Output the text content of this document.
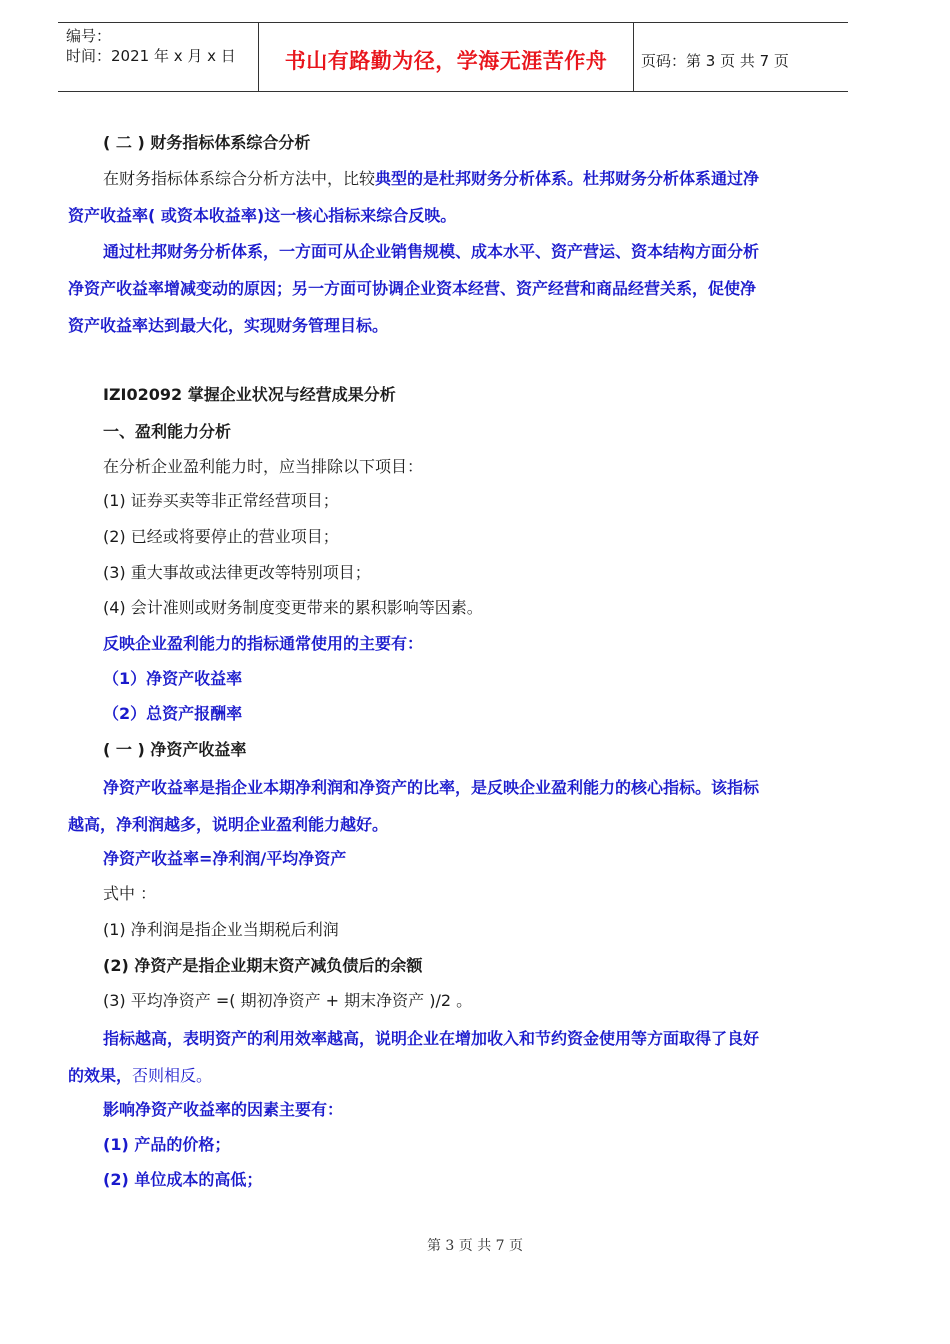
编号：
时间：2021 年 x 月 x 日	书山有路勤为径，学海无涯苦作舟	页码：第 3 页 共 7 页
( 二 ) 财务指标体系综合分析
在财务指标体系综合分析方法中，比较典型的是杜邦财务分析体系。杜邦财务分析体系通过净
资产收益率( 或资本收益率)这一核心指标来综合反映。
通过杜邦财务分析体系，一方面可从企业销售规模、成本水平、资产营运、资本结构方面分析
净资产收益率增减变动的原因；另一方面可协调企业资本经营、资产经营和商品经营关系，促使净
资产收益率达到最大化，实现财务管理目标。
IZI02092 掌握企业状况与经营成果分析
一、盈利能力分析
在分析企业盈利能力时，应当排除以下项目：
(1) 证券买卖等非正常经营项目；
(2) 已经或将要停止的营业项目；
(3) 重大事故或法律更改等特别项目；
(4) 会计准则或财务制度变更带来的累积影响等因素。
反映企业盈利能力的指标通常使用的主要有：
（1）净资产收益率
（2）总资产报酬率
( 一 ) 净资产收益率
净资产收益率是指企业本期净利润和净资产的比率，是反映企业盈利能力的核心指标。该指标
越高，净利润越多，说明企业盈利能力越好。
净资产收益率=净利润/平均净资产
式中 ：
(1) 净利润是指企业当期税后利润
(2) 净资产是指企业期末资产减负债后的余额
(3) 平均净资产 =( 期初净资产 + 期末净资产 )/2 。
指标越高，表明资产的利用效率越高，说明企业在增加收入和节约资金使用等方面取得了良好
的效果，否则相反。
影响净资产收益率的因素主要有：
(1) 产品的价格；
(2) 单位成本的高低；
第 3 页 共 7 页
